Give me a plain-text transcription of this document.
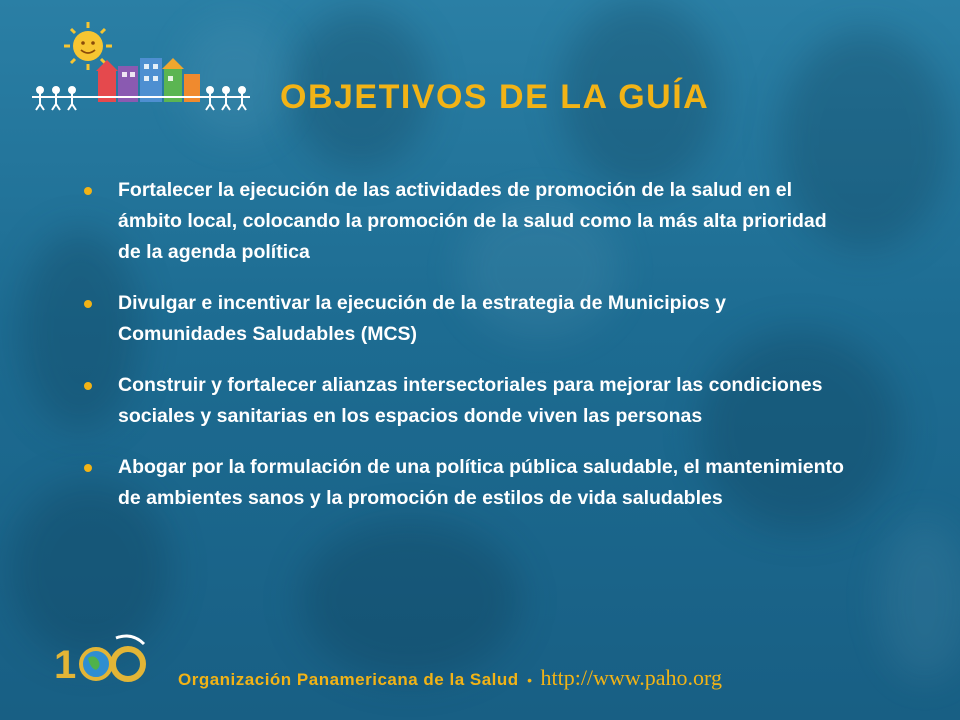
OBJETIVOS DE LA GUÍA
Fortalecer la ejecución de las actividades de promoción de la salud en el ámbito local, colocando la promoción de la salud como la más alta prioridad de la agenda política
Divulgar e incentivar la ejecución de la estrategia de Municipios y Comunidades Saludables (MCS)
Construir y fortalecer alianzas intersectoriales para mejorar las condiciones sociales y sanitarias en los espacios donde viven las personas
Abogar por la formulación de una política pública saludable, el mantenimiento de ambientes sanos y la promoción de estilos de vida saludables
1	Organización Panamericana de la Salud • http://www.paho.org
